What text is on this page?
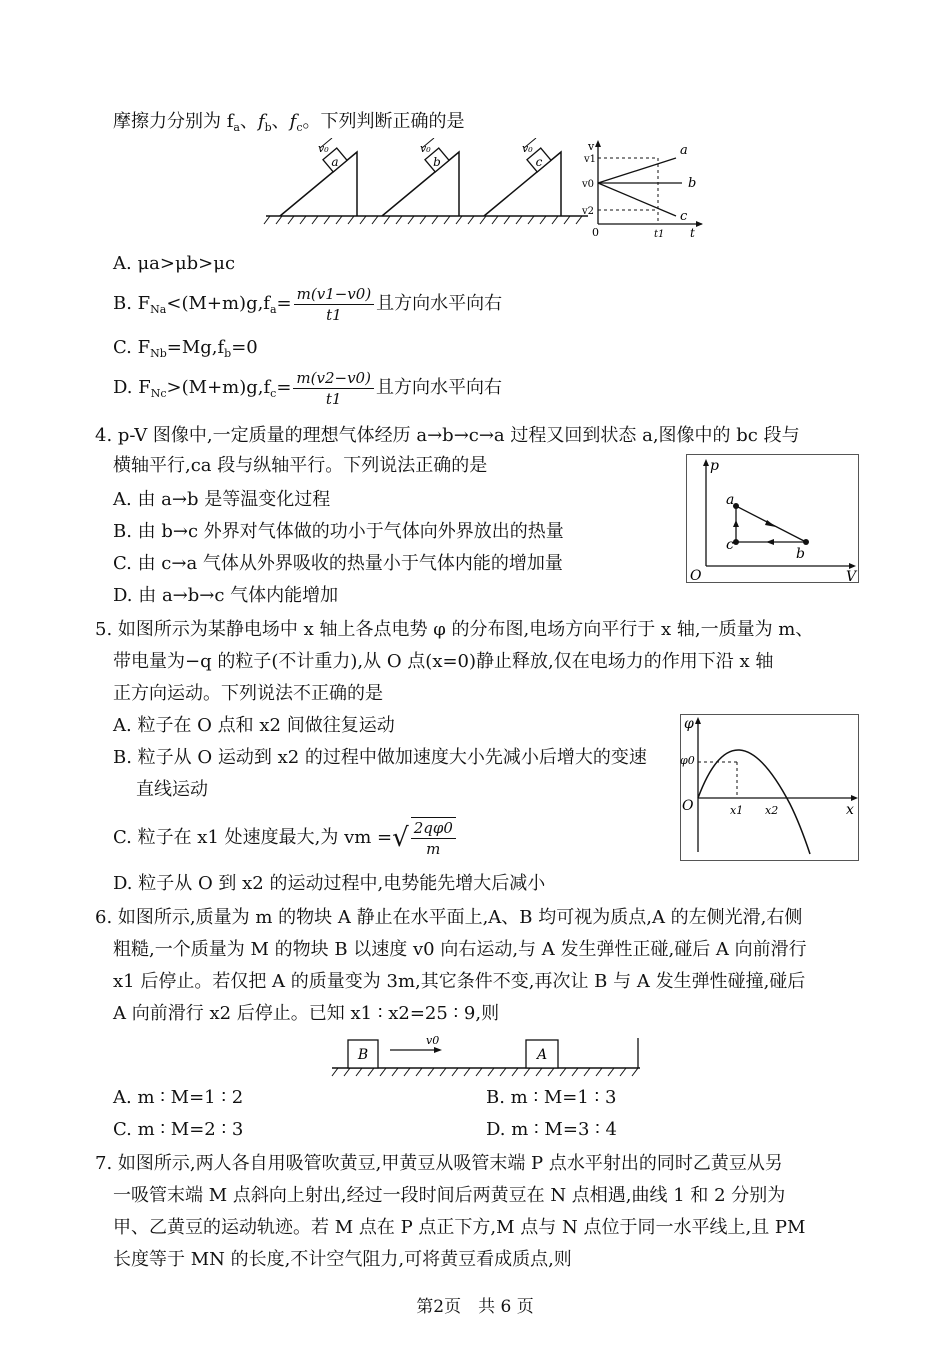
摩擦力分别为 $f_a$、$f_b$、$f_c$。下列判断正确的是
a	b	c
v₀	v₀	v₀	v
v1
v0
v2
0	t1 t
a
b
c
A. μa>μb>μc
B. $F_{Na}<(M+m)g,f_a= \frac{m(v1-v0)}{t1}$ 且方向水平向右
C. $F_{Nb}=Mg,f_b=0$
D. $F_{Nc}>(M+m)g,f_c= \frac{m(v2-v0)}{t1}$ 且方向水平向右
4. p-V 图像中,一定质量的理想气体经历 a→b→c→a 过程又回到状态 a,图像中的 bc 段与
横轴平行,ca 段与纵轴平行。下列说法正确的是
A. 由 a→b 是等温变化过程
B. 由 b→c 外界对气体做的功小于气体向外界放出的热量
C. 由 c→a 气体从外界吸收的热量小于气体内能的增加量
D. 由 a→b→c 气体内能增加
p
V
O
a
b
c
5. 如图所示为某静电场中 x 轴上各点电势 φ 的分布图,电场方向平行于 x 轴,一质量为 m、
带电量为−q 的粒子(不计重力),从 O 点(x=0)静止释放,仅在电场力的作用下沿 x 轴
正方向运动。下列说法不正确的是
A. 粒子在 O 点和 x2 间做往复运动
B. 粒子从 O 运动到 x2 的过程中做加速度大小先减小后增大的变速
直线运动
C. 粒子在 x1 处速度最大,为 vm =√ $\frac{2q\varphi 0}{m}$
D. 粒子从 O 到 x2 的运动过程中,电势能先增大后减小
φ
φ0
O	x1 x2	x
6. 如图所示,质量为 m 的物块 A 静止在水平面上,A、B 均可视为质点,A 的左侧光滑,右侧
粗糙,一个质量为 M 的物块 B 以速度 v0 向右运动,与 A 发生弹性正碰,碰后 A 向前滑行
x1 后停止。若仅把 A 的质量变为 3m,其它条件不变,再次让 B 与 A 发生弹性碰撞,碰后
A 向前滑行 x2 后停止。已知 x1 ∶ x2=25 ∶ 9,则
B	A
v0
A. m ∶ M=1 ∶ 2	B. m ∶ M=1 ∶ 3
C. m ∶ M=2 ∶ 3	D. m ∶ M=3 ∶ 4
7. 如图所示,两人各自用吸管吹黄豆,甲黄豆从吸管末端 P 点水平射出的同时乙黄豆从另
一吸管末端 M 点斜向上射出,经过一段时间后两黄豆在 N 点相遇,曲线 1 和 2 分别为
甲、乙黄豆的运动轨迹。若 M 点在 P 点正下方,M 点与 N 点位于同一水平线上,且 PM
长度等于 MN 的长度,不计空气阻力,可将黄豆看成质点,则
第2页　共 6 页
